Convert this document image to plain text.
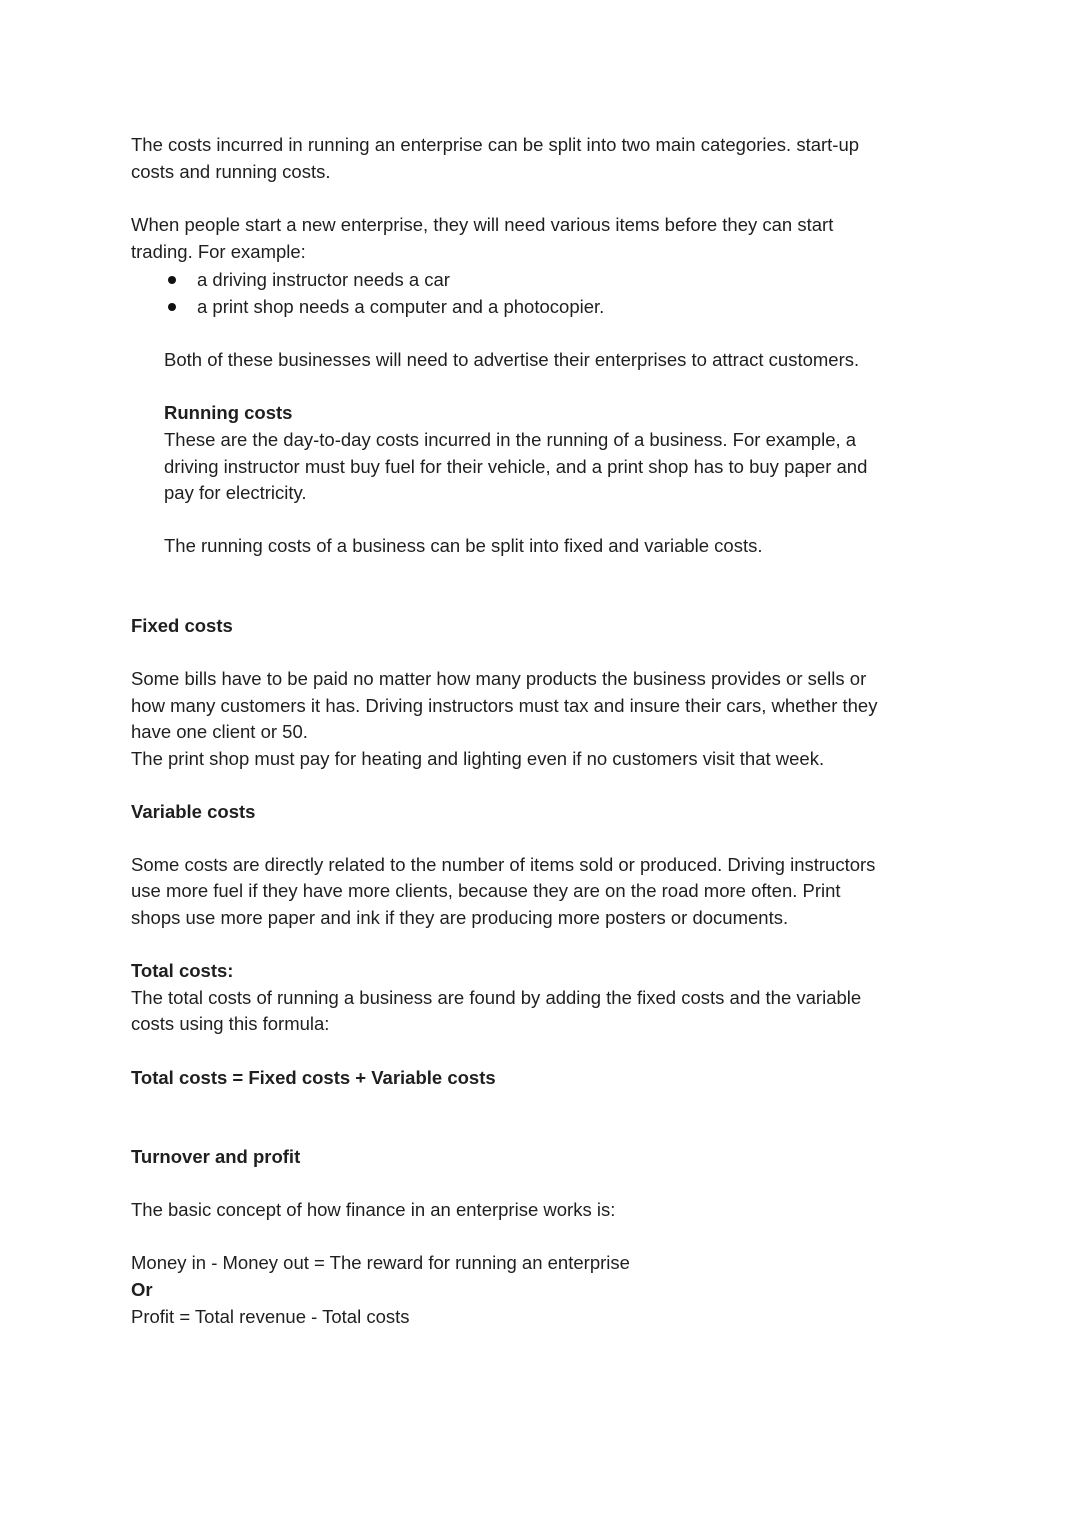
The costs incurred in running an enterprise can be split into two main categories. start-up
costs and running costs.
When people start a new enterprise, they will need various items before they can start
trading. For example:
a driving instructor needs a car
a print shop needs a computer and a photocopier.
Both of these businesses will need to advertise their enterprises to attract customers.
Running costs
These are the day-to-day costs incurred in the running of a business. For example, a
driving instructor must buy fuel for their vehicle, and a print shop has to buy paper and
pay for electricity.
The running costs of a business can be split into fixed and variable costs.
Fixed costs
Some bills have to be paid no matter how many products the business provides or sells or
how many customers it has. Driving instructors must tax and insure their cars, whether they
have one client or 50.
The print shop must pay for heating and lighting even if no customers visit that week.
Variable costs
Some costs are directly related to the number of items sold or produced. Driving instructors
use more fuel if they have more clients, because they are on the road more often. Print
shops use more paper and ink if they are producing more posters or documents.
Total costs:
The total costs of running a business are found by adding the fixed costs and the variable
costs using this formula:
Total costs = Fixed costs + Variable costs
Turnover and profit
The basic concept of how finance in an enterprise works is:
Money in - Money out = The reward for running an enterprise
Or
Profit = Total revenue - Total costs
